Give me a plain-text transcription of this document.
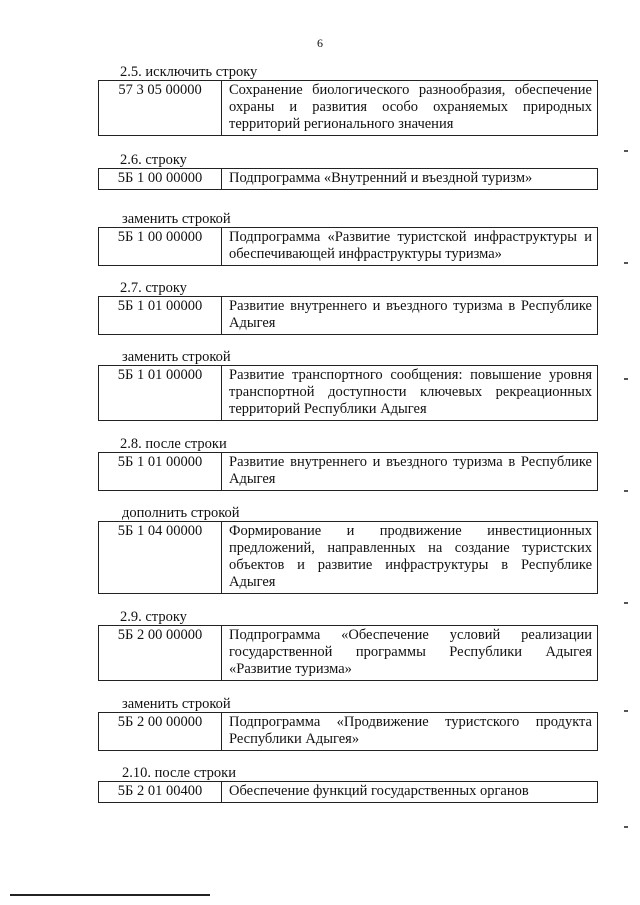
6
2.5. исключить строку
57 3 05 00000	Сохранение биологического разнообразия, обеспечение охраны и развития особо охраняемых природных территорий регионального значения
2.6. строку
5Б 1 00 00000	Подпрограмма «Внутренний и въездной туризм»
заменить строкой
5Б 1 00 00000	Подпрограмма «Развитие туристской инфраструктуры и обеспечивающей инфраструктуры туризма»
2.7. строку
5Б 1 01 00000	Развитие внутреннего и въездного туризма в Республике Адыгея
заменить строкой
5Б 1 01 00000	Развитие транспортного сообщения: повышение уровня транспортной доступности ключевых рекреационных территорий Республики Адыгея
2.8. после строки
5Б 1 01 00000	Развитие внутреннего и въездного туризма в Республике Адыгея
дополнить строкой
5Б 1 04 00000	Формирование и продвижение инвестиционных предложений, направленных на создание туристских объектов и развитие инфраструктуры в Республике Адыгея
2.9. строку
5Б 2 00 00000	Подпрограмма «Обеспечение условий реализации государственной программы Республики Адыгея «Развитие туризма»
заменить строкой
5Б 2 00 00000	Подпрограмма «Продвижение туристского продукта Республики Адыгея»
2.10. после строки
5Б 2 01 00400	Обеспечение функций государственных органов
